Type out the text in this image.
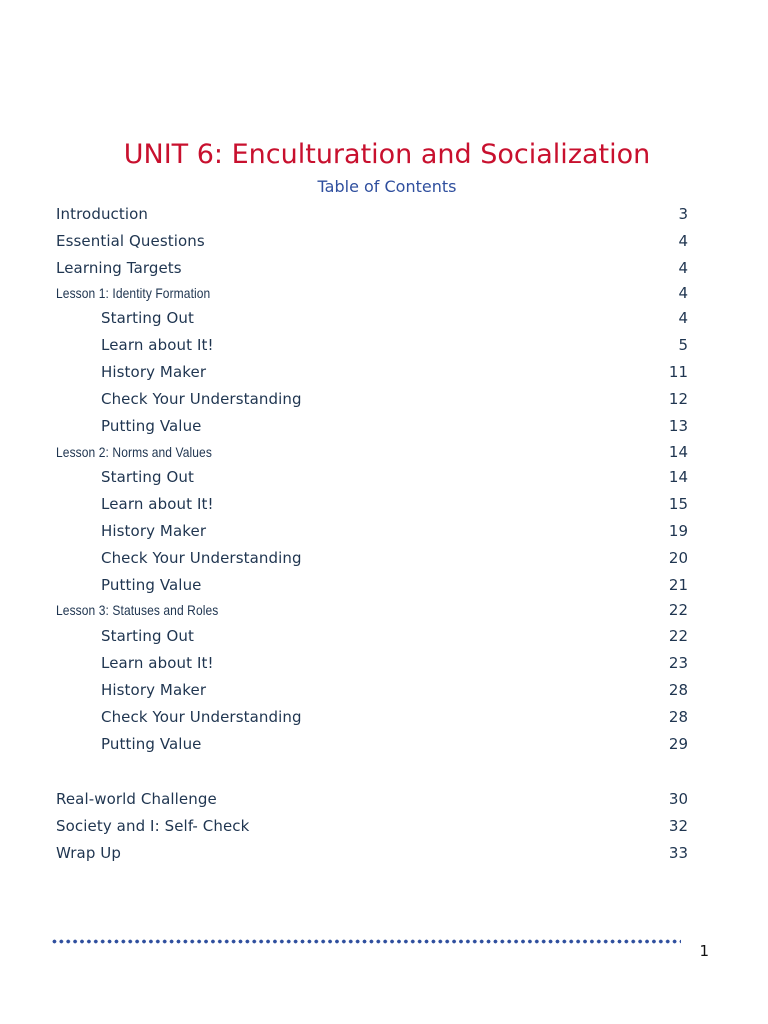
UNIT 6: Enculturation and Socialization
Table of Contents
Introduction	3
Essential Questions	4
Learning Targets	4
Lesson 1: Identity Formation	4
Starting Out	4
Learn about It!	5
History Maker	11
Check Your Understanding	12
Putting Value	13
Lesson 2: Norms and Values	14
Starting Out	14
Learn about It!	15
History Maker	19
Check Your Understanding	20
Putting Value	21
Lesson 3: Statuses and Roles	22
Starting Out	22
Learn about It!	23
History Maker	28
Check Your Understanding	28
Putting Value	29
Real-world Challenge	30
Society and I: Self- Check	32
Wrap Up	33
1
